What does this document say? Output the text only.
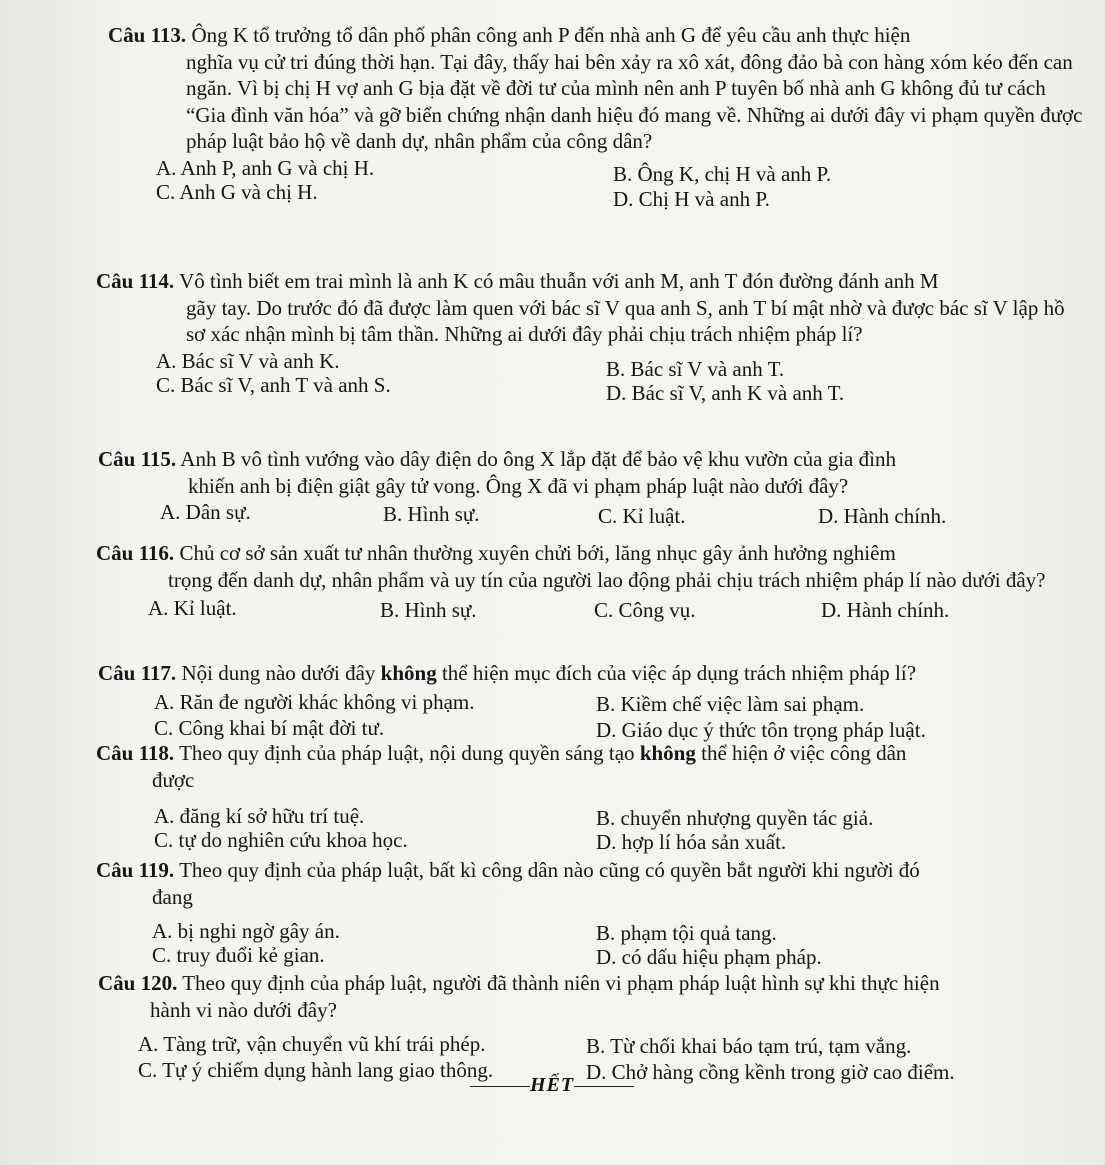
Câu 113. Ông K tổ trưởng tổ dân phố phân công anh P đến nhà anh G để yêu cầu anh thực hiện
nghĩa vụ cử tri đúng thời hạn. Tại đây, thấy hai bên xảy ra xô xát, đông đảo bà con hàng xóm kéo đến can ngăn. Vì bị chị H vợ anh G bịa đặt về đời tư của mình nên anh P tuyên bố nhà anh G không đủ tư cách “Gia đình văn hóa” và gỡ biển chứng nhận danh hiệu đó mang về. Những ai dưới đây vi phạm quyền được pháp luật bảo hộ về danh dự, nhân phẩm của công dân?
A. Anh P, anh G và chị H.	B. Ông K, chị H và anh P.
C. Anh G và chị H.	D. Chị H và anh P.
Câu 114. Vô tình biết em trai mình là anh K có mâu thuẫn với anh M, anh T đón đường đánh anh M
gãy tay. Do trước đó đã được làm quen với bác sĩ V qua anh S, anh T bí mật nhờ và được bác sĩ V lập hồ sơ xác nhận mình bị tâm thần. Những ai dưới đây phải chịu trách nhiệm pháp lí?
A. Bác sĩ V và anh K.	B. Bác sĩ V và anh T.
C. Bác sĩ V, anh T và anh S.	D. Bác sĩ V, anh K và anh T.
Câu 115. Anh B vô tình vướng vào dây điện do ông X lắp đặt để bảo vệ khu vườn của gia đình
khiến anh bị điện giật gây tử vong. Ông X đã vi phạm pháp luật nào dưới đây?
A. Dân sự.	B. Hình sự.	C. Kỉ luật.	D. Hành chính.
Câu 116. Chủ cơ sở sản xuất tư nhân thường xuyên chửi bới, lăng nhục gây ảnh hưởng nghiêm
trọng đến danh dự, nhân phẩm và uy tín của người lao động phải chịu trách nhiệm pháp lí nào dưới đây?
A. Kỉ luật.	B. Hình sự.	C. Công vụ.	D. Hành chính.
Câu 117. Nội dung nào dưới đây không thể hiện mục đích của việc áp dụng trách nhiệm pháp lí?
A. Răn đe người khác không vi phạm.	B. Kiềm chế việc làm sai phạm.
C. Công khai bí mật đời tư.	D. Giáo dục ý thức tôn trọng pháp luật.
Câu 118. Theo quy định của pháp luật, nội dung quyền sáng tạo không thể hiện ở việc công dân
được
A. đăng kí sở hữu trí tuệ.	B. chuyển nhượng quyền tác giả.
C. tự do nghiên cứu khoa học.	D. hợp lí hóa sản xuất.
Câu 119. Theo quy định của pháp luật, bất kì công dân nào cũng có quyền bắt người khi người đó
đang
A. bị nghi ngờ gây án.	B. phạm tội quả tang.
C. truy đuổi kẻ gian.	D. có dấu hiệu phạm pháp.
Câu 120. Theo quy định của pháp luật, người đã thành niên vi phạm pháp luật hình sự khi thực hiện
hành vi nào dưới đây?
A. Tàng trữ, vận chuyển vũ khí trái phép.	B. Từ chối khai báo tạm trú, tạm vắng.
C. Tự ý chiếm dụng hành lang giao thông.	D. Chở hàng cồng kềnh trong giờ cao điểm.
HẾT
